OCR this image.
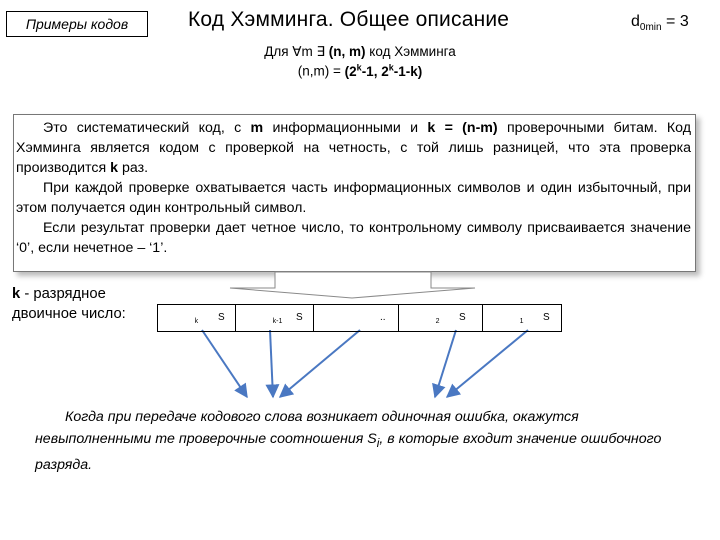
Примеры кодов	Код Хэмминга. Общее описание	$d_{0min} = 3$
Для ∀m ∃ (n, m) код Хэмминга
$(n,m) = (2^k-1$, 2$^k$-1-k)

Это систематический код, с m информационными и k = (n-m) проверочными битам. Код Хэмминга является кодом с проверкой на четность, с той лишь разницей, что эта проверка производится k раз.

При каждой проверке охватывается часть информационных символов и один избыточный, при этом получается один контрольный символ.

Если результат проверки дает четное число, то контрольному символу присваивается значение ‘0’, если нечетное – ‘1’.

k - разрядное двоичное число:	$S_k$	$S_{k-1}$	..	$S_2$	$S_1$

Когда при передаче кодового слова возникает одиночная ошибка, окажутся невыполненными те проверочные соотношения $S_i$, в которые входит значение ошибочного разряда.
